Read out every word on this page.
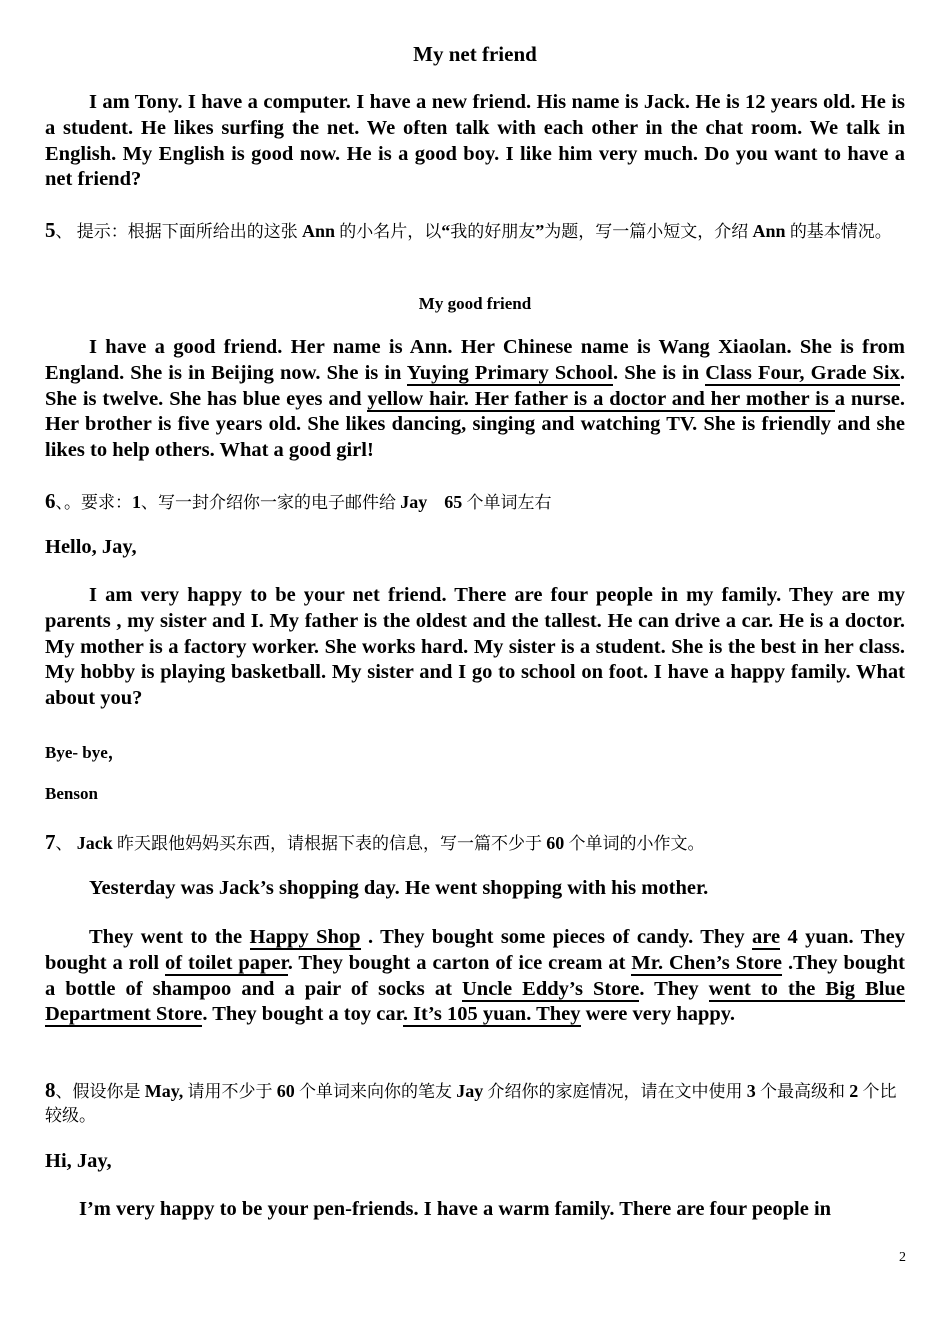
My net friend

I am Tony. I have a computer. I have a new friend. His name is Jack. He is 12 years old. He is a student. He likes surfing the net. We often talk with each other in the chat room. We talk in English. My English is good now. He is a good boy. I like him very much. Do you want to have a net friend?

5、 提示：根据下面所给出的这张 Ann 的小名片，以“我的好朋友”为题，写一篇小短文，介绍 Ann 的基本情况。

My good friend

I have a good friend. Her name is Ann. Her Chinese name is Wang Xiaolan. She is from England. She is in Beijing now. She is in Yuying Primary School. She is in Class Four, Grade Six. She is twelve. She has blue eyes and yellow hair. Her father is a doctor and her mother is a nurse. Her brother is five years old. She likes dancing, singing and watching TV. She is friendly and she likes to help others. What a good girl!

6、。要求：1、写一封介绍你一家的电子邮件给 Jay 65 个单词左右

Hello, Jay,

I am very happy to be your net friend. There are four people in my family. They are my parents , my sister and I. My father is the oldest and the tallest. He can drive a car. He is a doctor. My mother is a factory worker. She works hard. My sister is a student. She is the best in her class. My hobby is playing basketball. My sister and I go to school on foot. I have a happy family. What about you?

Bye- bye，

Benson

7、 Jack 昨天跟他妈妈买东西，请根据下表的信息，写一篇不少于 60 个单词的小作文。

Yesterday was Jack’s shopping day. He went shopping with his mother.

They went to the Happy Shop . They bought some pieces of candy. They are 4 yuan. They bought a roll of toilet paper. They bought a carton of ice cream at Mr. Chen’s Store .They bought a bottle of shampoo and a pair of socks at Uncle Eddy’s Store. They went to the Big Blue Department Store. They bought a toy car. It’s 105 yuan. They were very happy.

8、假设你是 May, 请用不少于 60 个单词来向你的笔友 Jay 介绍你的家庭情况，请在文中使用 3 个最高级和 2 个比较级。

Hi, Jay,

I’m very happy to be your pen-friends. I have a warm family. There are four people in

2
